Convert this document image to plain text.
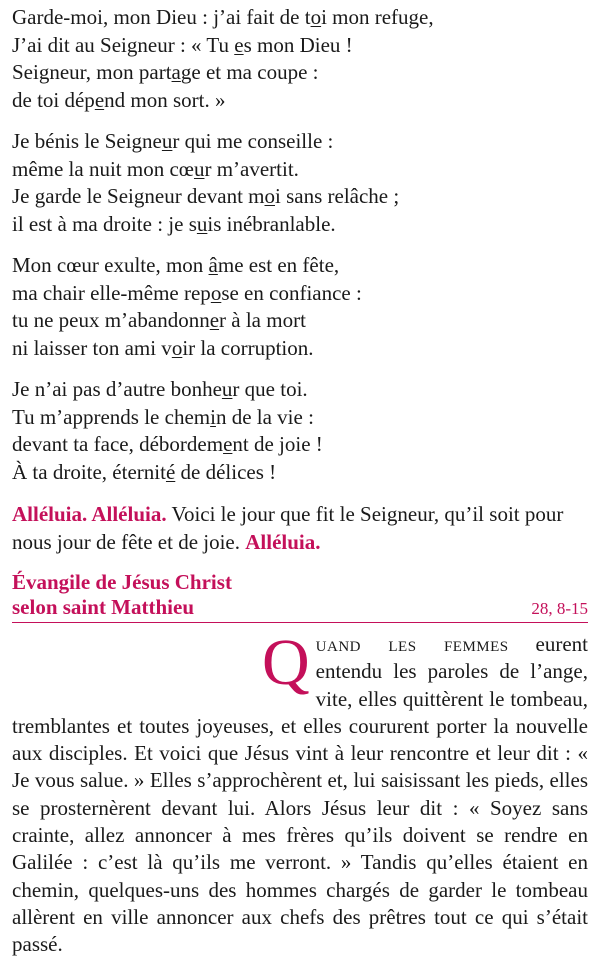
Garde-moi, mon Dieu : j’ai fait de toi mon refuge,
J’ai dit au Seigneur : « Tu es mon Dieu !
Seigneur, mon partage et ma coupe :
de toi dépend mon sort. »
Je bénis le Seigneur qui me conseille :
même la nuit mon cœur m’avertit.
Je garde le Seigneur devant moi sans relâche ;
il est à ma droite : je suis inébranlable.
Mon cœur exulte, mon âme est en fête,
ma chair elle-même repose en confiance :
tu ne peux m’abandonner à la mort
ni laisser ton ami voir la corruption.
Je n’ai pas d’autre bonheur que toi.
Tu m’apprends le chemin de la vie :
devant ta face, débordement de joie !
À ta droite, éternité de délices !
Alléluia. Alléluia. Voici le jour que fit le Seigneur, qu’il soit pour nous jour de fête et de joie. Alléluia.
Évangile de Jésus Christ
selon saint Matthieu	28, 8-15
Quand les femmes eurent entendu les paroles de l’ange, vite, elles quittèrent le tombeau, tremblantes et toutes joyeuses, et elles coururent porter la nouvelle aux disciples. Et voici que Jésus vint à leur rencontre et leur dit : « Je vous salue. » Elles s’approchèrent et, lui saisissant les pieds, elles se prosternèrent devant lui. Alors Jésus leur dit : « Soyez sans crainte, allez annoncer à mes frères qu’ils doivent se rendre en Galilée : c’est là qu’ils me verront. » Tandis qu’elles étaient en chemin, quelques-uns des hommes chargés de garder le tombeau allèrent en ville annoncer aux chefs des prêtres tout ce qui s’était passé.
